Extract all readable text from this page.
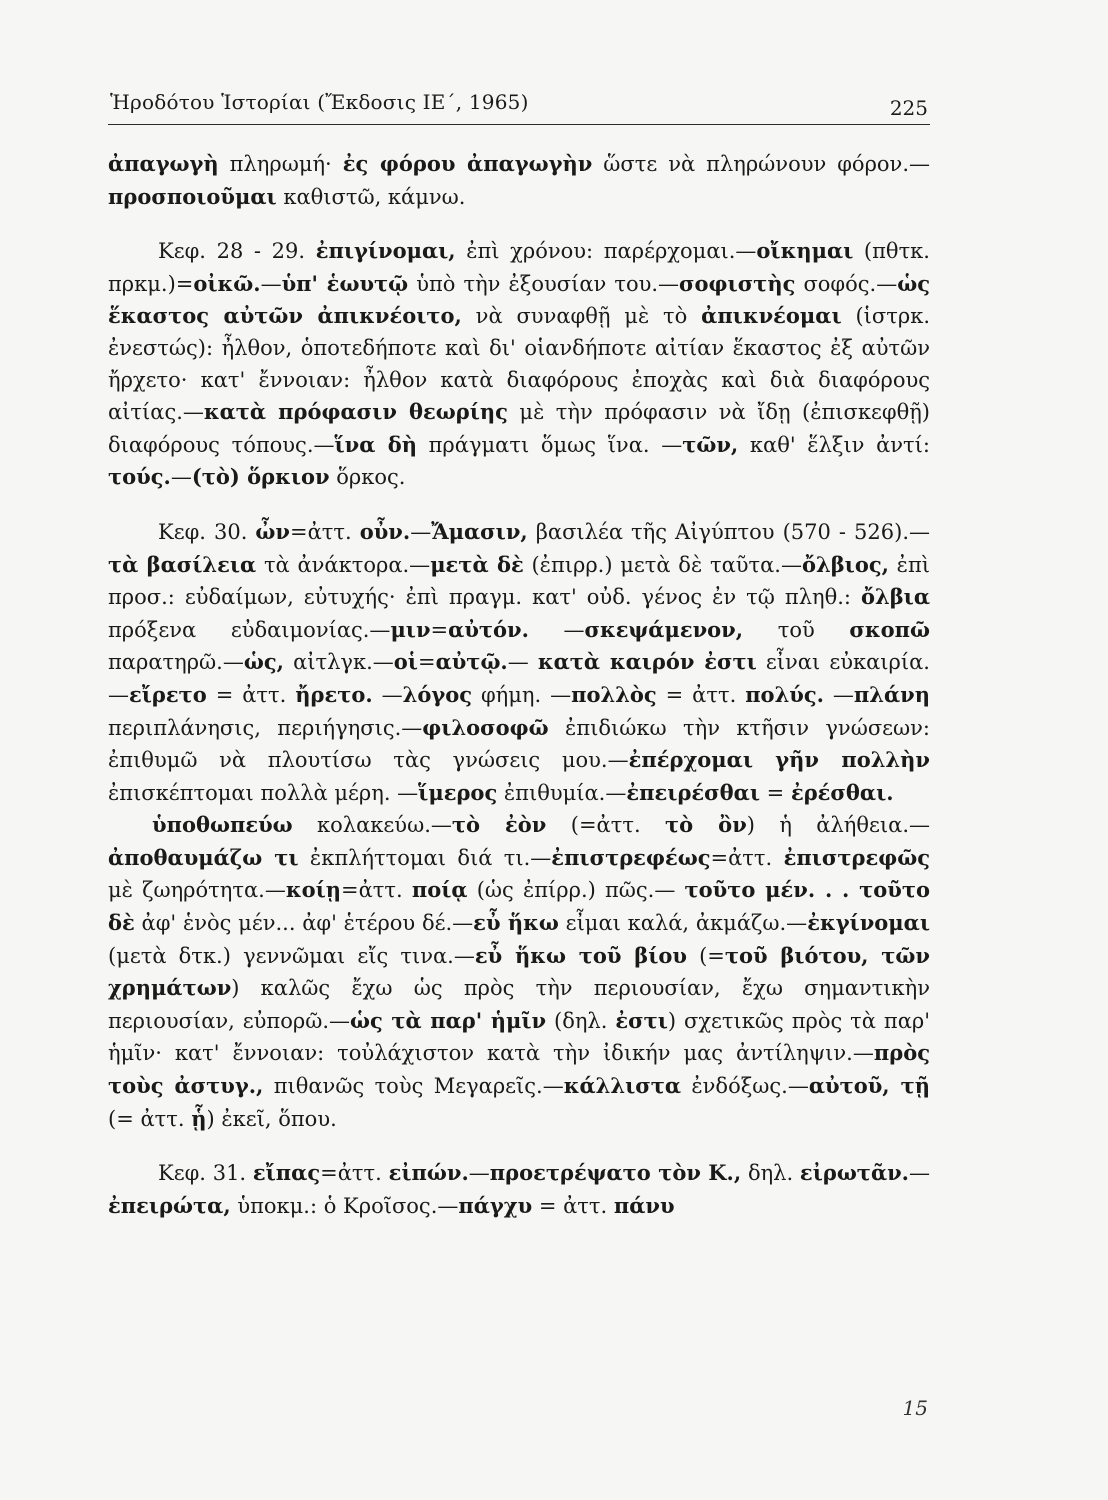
Ἡροδότου Ἱστορίαι (Ἔκδοσις ΙΕ΄, 1965)	225

ἀπαγωγὴ πληρωμή· ἐς φόρου ἀπαγωγὴν ὥστε νὰ πληρώνουν φόρον.—προσποιοῦμαι καθιστῶ, κάμνω.

Κεφ. 28 - 29. ἐπιγίνομαι, ἐπὶ χρόνου: παρέρχομαι.—οἴκημαι (πθτκ. πρκμ.)=οἰκῶ.—ὑπ' ἑωυτῷ ὑπὸ τὴν ἐξουσίαν του.—σοφιστὴς σοφός.—ὡς ἕκαστος αὐτῶν ἀπικνέοιτο, νὰ συναφθῇ μὲ τὸ ἀπικνέομαι (ἱστρκ. ἐνεστώς): ἦλθον, ὁποτεδήποτε καὶ δι' οἱανδήποτε αἰτίαν ἕκαστος ἐξ αὐτῶν ἤρχετο· κατ' ἔννοιαν: ἦλθον κατὰ διαφόρους ἐποχὰς καὶ διὰ διαφόρους αἰτίας.—κατὰ πρόφασιν θεωρίης μὲ τὴν πρόφασιν νὰ ἴδῃ (ἐπισκεφθῇ) διαφόρους τόπους.—ἵνα δὴ πράγματι ὅμως ἵνα. —τῶν, καθ' ἕλξιν ἀντί: τούς.—(τὸ) ὅρκιον ὅρκος.

Κεφ. 30. ὦν=ἀττ. οὖν.—Ἄμασιν, βασιλέα τῆς Αἰγύπτου (570 - 526).—τὰ βασίλεια τὰ ἀνάκτορα.—μετὰ δὲ (ἐπιρρ.) μετὰ δὲ ταῦτα.—ὄλβιος, ἐπὶ προσ.: εὐδαίμων, εὐτυχής· ἐπὶ πραγμ. κατ' οὐδ. γένος ἐν τῷ πληθ.: ὄλβια πρόξενα εὐδαιμονίας.—μιν=αὐτόν. —σκεψάμενον, τοῦ σκοπῶ παρατηρῶ.—ὡς, αἰτλγκ.—οἱ=αὐτῷ.— κατὰ καιρόν ἐστι εἶναι εὐκαιρία.—εἴρετο = ἀττ. ἤρετο. —λόγος φήμη. —πολλὸς = ἀττ. πολύς. —πλάνη περιπλάνησις, περιήγησις.—φιλοσοφῶ ἐπιδιώκω τὴν κτῆσιν γνώσεων: ἐπιθυμῶ νὰ πλουτίσω τὰς γνώσεις μου.—ἐπέρχομαι γῆν πολλὴν ἐπισκέπτομαι πολλὰ μέρη. —ἵμερος ἐπιθυμία.—ἐπειρέσθαι = ἐρέσθαι.

ὑποθωπεύω κολακεύω.—τὸ ἐὸν (=ἀττ. τὸ ὂν) ἡ ἀλήθεια.— ἀποθαυμάζω τι ἐκπλήττομαι διά τι.—ἐπιστρεφέως=ἀττ. ἐπιστρεφῶς μὲ ζωηρότητα.—κοίῃ=ἀττ. ποίᾳ (ὡς ἐπίρρ.) πῶς.— τοῦτο μέν. . . τοῦτο δὲ ἀφ' ἑνὸς μέν... ἀφ' ἑτέρου δέ.—εὖ ἥκω εἶμαι καλά, ἀκμάζω.—ἐκγίνομαι (μετὰ δτκ.) γεννῶμαι εἴς τινα.—εὖ ἥκω τοῦ βίου (=τοῦ βιότου, τῶν χρημάτων) καλῶς ἔχω ὡς πρὸς τὴν περιουσίαν, ἔχω σημαντικὴν περιουσίαν, εὐπορῶ.—ὡς τὰ παρ' ἡμῖν (δηλ. ἐστι) σχετικῶς πρὸς τὰ παρ' ἡμῖν· κατ' ἔννοιαν: τοὐλάχιστον κατὰ τὴν ἰδικήν μας ἀντίληψιν.—πρὸς τοὺς ἀστυγ., πιθανῶς τοὺς Μεγαρεῖς.—κάλλιστα ἐνδόξως.—αὐτοῦ, τῇ (= ἀττ. ᾗ) ἐκεῖ, ὅπου.

Κεφ. 31. εἴπας=ἀττ. εἰπών.—προετρέψατο τὸν Κ., δηλ. εἰρωτᾶν.—ἐπειρώτα, ὑποκμ.: ὁ Κροῖσος.—πάγχυ = ἀττ. πάνυ

15
